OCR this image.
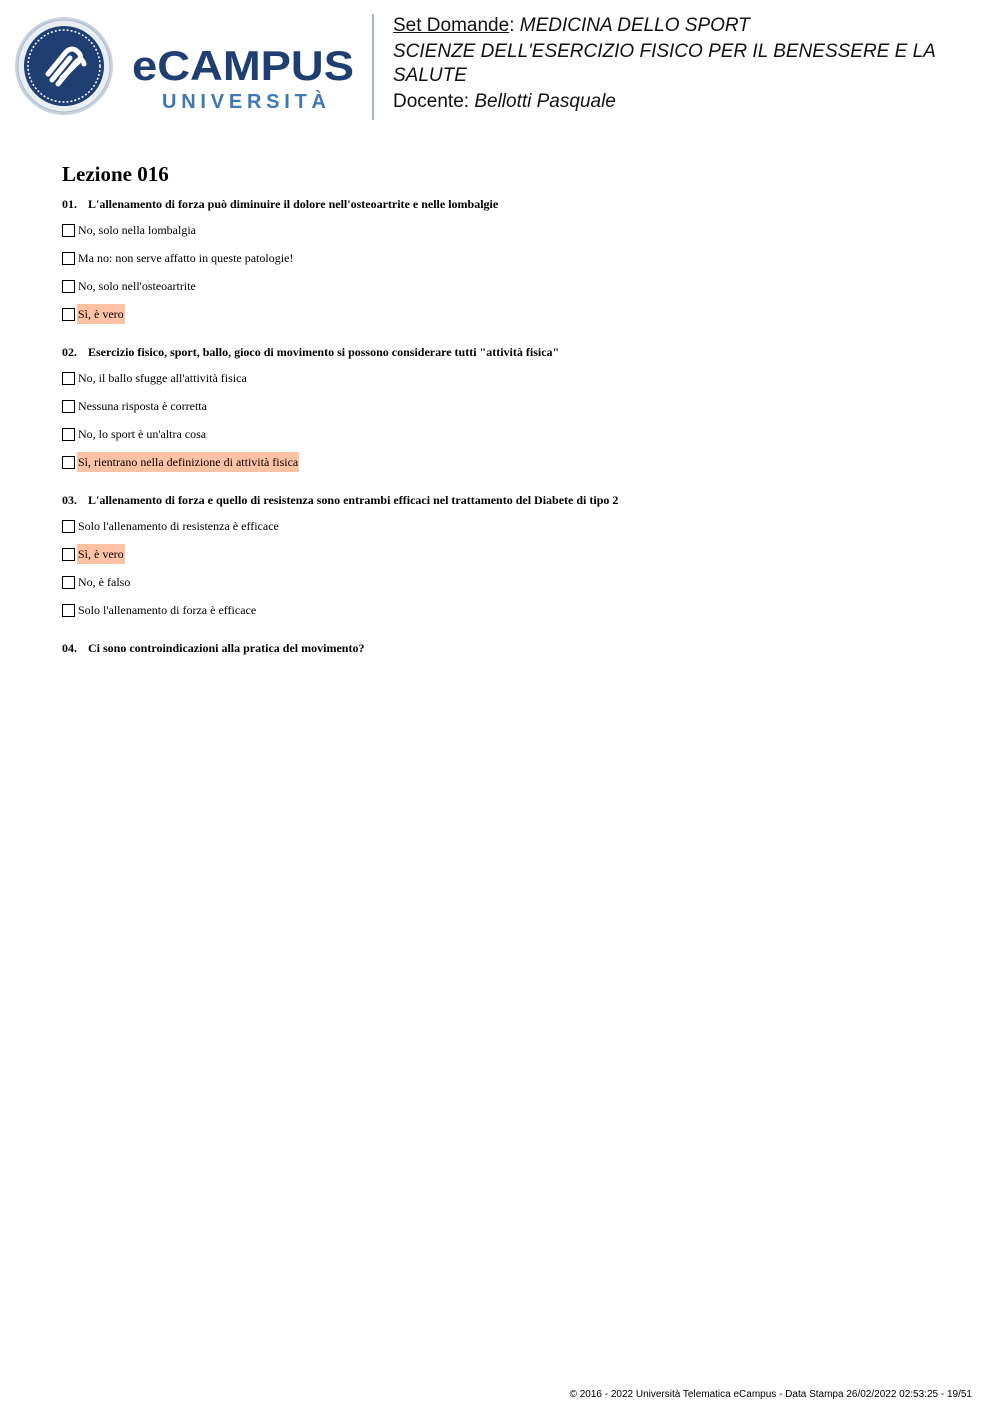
eCAMPUS
UNIVERSITÀ

Set Domande: MEDICINA DELLO SPORT

SCIENZE DELL'ESERCIZIO FISICO PER IL BENESSERE E LA SALUTE

Docente: Bellotti Pasquale

Lezione 016

01. L'allenamento di forza può diminuire il dolore nell'osteoartrite e nelle lombalgie

No, solo nella lombalgia
Ma no: non serve affatto in queste patologie!
No, solo nell'osteoartrite
Sì, è vero

02. Esercizio fisico, sport, ballo, gioco di movimento si possono considerare tutti "attività fisica"

No, il ballo sfugge all'attività fisica
Nessuna risposta è corretta
No, lo sport è un'altra cosa
Sì, rientrano nella definizione di attività fisica

03. L'allenamento di forza e quello di resistenza sono entrambi efficaci nel trattamento del Diabete di tipo 2

Solo l'allenamento di resistenza è efficace
Sì, è vero
No, è falso
Solo l'allenamento di forza è efficace

04. Ci sono controindicazioni alla pratica del movimento?

© 2016 - 2022 Università Telematica eCampus - Data Stampa 26/02/2022 02:53:25 - 19/51
